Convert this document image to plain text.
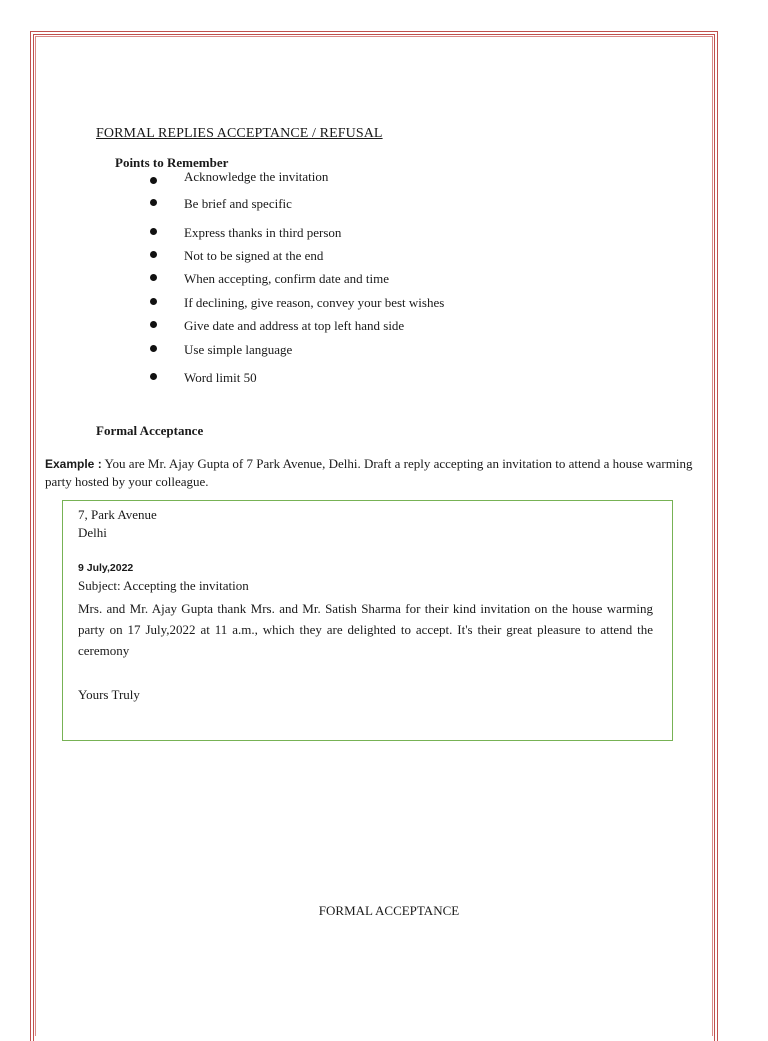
FORMAL REPLIES ACCEPTANCE / REFUSAL
Points to Remember
Acknowledge the invitation
Be brief and specific
Express thanks in third person
Not to be signed at the end
When accepting, confirm date and time
If declining, give reason, convey your best wishes
Give date and address at top left hand side
Use simple language
Word limit 50
Formal Acceptance
Example : You are Mr. Ajay Gupta of 7 Park Avenue, Delhi. Draft a reply accepting an invitation to attend a house warming party hosted by your colleague.
7, Park Avenue
Delhi
9 July,2022
Subject: Accepting the invitation
Mrs. and Mr. Ajay Gupta thank Mrs. and Mr. Satish Sharma for their kind invitation on the house warming party on 17 July,2022 at 11 a.m., which they are delighted to accept. It's their great pleasure to attend the ceremony
Yours Truly
FORMAL ACCEPTANCE
